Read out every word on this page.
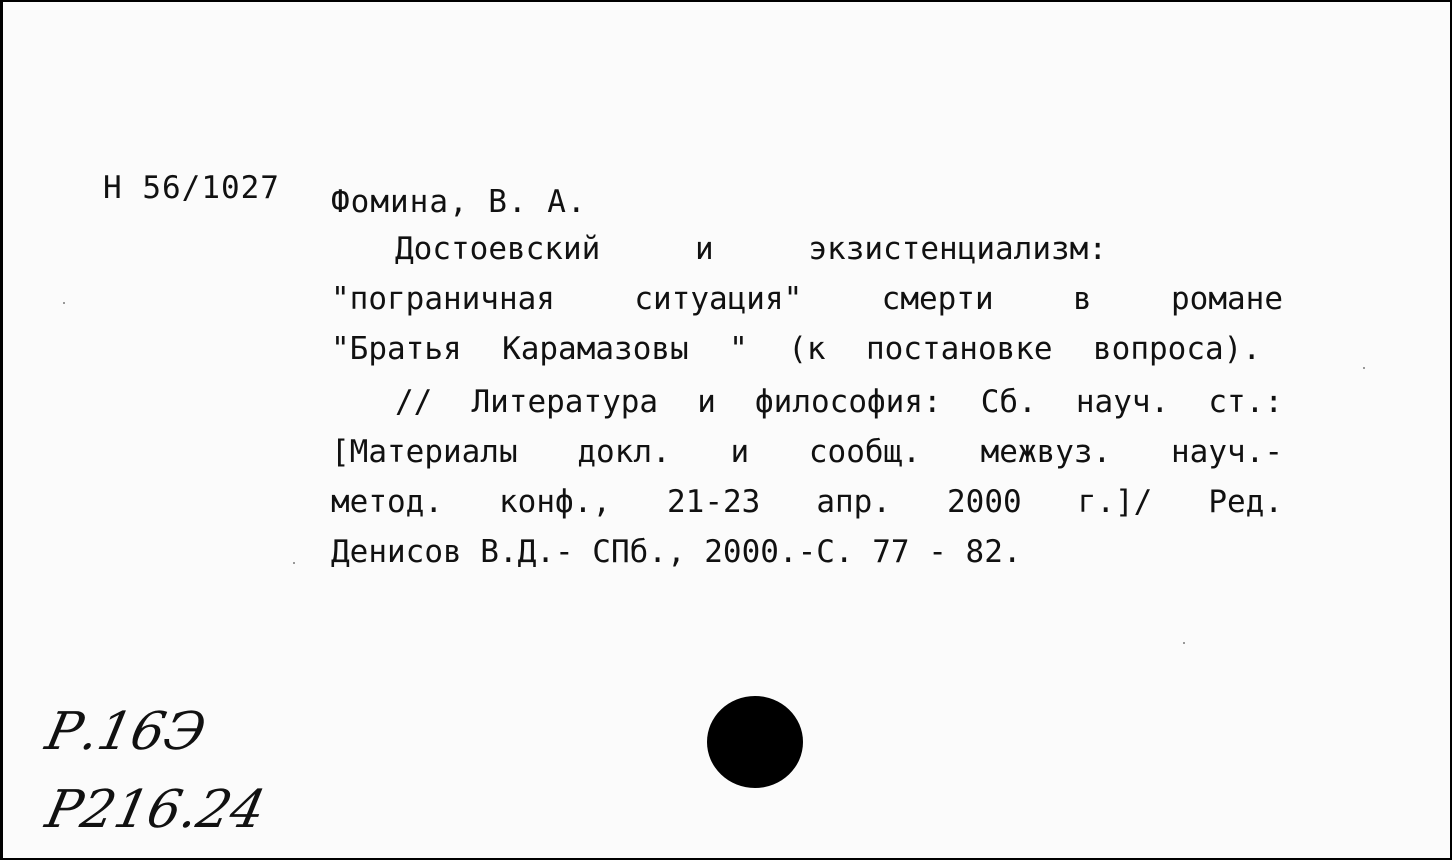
Н 56/1027 Фомина, В. А.
Достоевский и экзистенциализм:
"пограничная ситуация" смерти в романе
"Братья Карамазовы " (к постановке вопроса).
// Литература и философия: Сб. науч. ст.:
[Материалы докл. и сообщ. межвуз. науч.-
метод. конф., 21-23 апр. 2000 г.]/ Ред.
Денисов В.Д.- СПб., 2000.-С. 77 - 82.
Р.16Э
Р216.24
